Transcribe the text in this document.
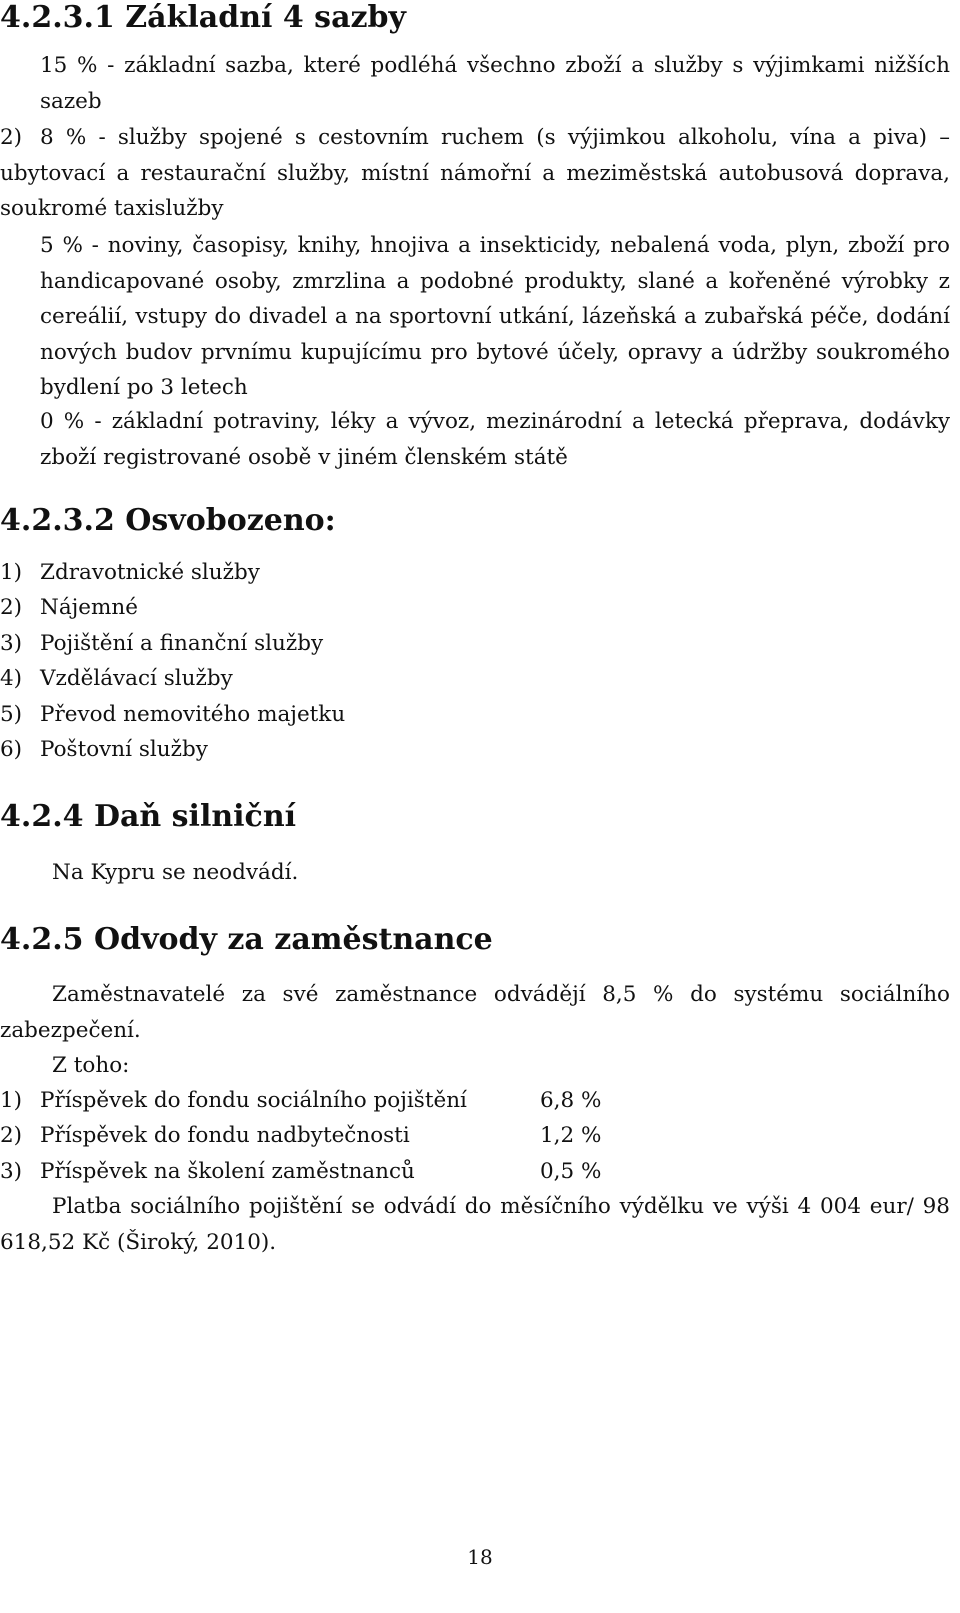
4.2.3.1 Základní 4 sazby

15 % - základní sazba, které podléhá všechno zboží a služby s výjimkami nižších sazeb

2) 8 % - služby spojené s cestovním ruchem (s výjimkou alkoholu, vína a piva) – ubytovací a restaurační služby, místní námořní a meziměstská autobusová doprava, soukromé taxislužby

5 % - noviny, časopisy, knihy, hnojiva a insekticidy, nebalená voda, plyn, zboží pro handicapované osoby, zmrzlina a podobné produkty, slané a kořeněné výrobky z cereálií, vstupy do divadel a na sportovní utkání, lázeňská a zubařská péče, dodání nových budov prvnímu kupujícímu pro bytové účely, opravy a údržby soukromého bydlení po 3 letech

0 % - základní potraviny, léky a vývoz, mezinárodní a letecká přeprava, dodávky zboží registrované osobě v jiném členském státě

4.2.3.2 Osvobozeno:
1) Zdravotnické služby
2) Nájemné
3) Pojištění a finanční služby
4) Vzdělávací služby
5) Převod nemovitého majetku
6) Poštovní služby
4.2.4 Daň silniční
Na Kypru se neodvádí.
4.2.5 Odvody za zaměstnance

Zaměstnavatelé za své zaměstnance odvádějí 8,5 % do systému sociálního zabezpečení.

Z toho:
1) Příspěvek do fondu sociálního pojištění	6,8 %
2) Příspěvek do fondu nadbytečnosti	1,2 %
3) Příspěvek na školení zaměstnanců	0,5 %

Platba sociálního pojištění se odvádí do měsíčního výdělku ve výši 4 004 eur/ 98 618,52 Kč (Široký, 2010).

18
